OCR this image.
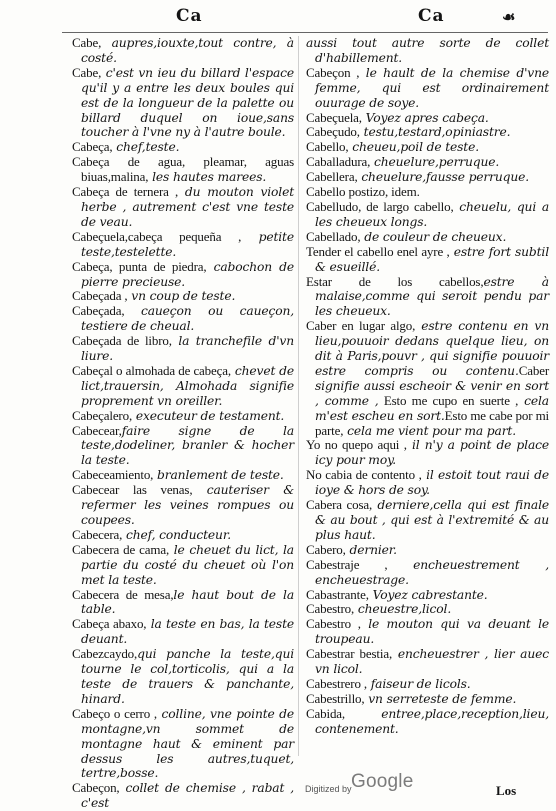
Ca	Ca	☙

Cabe, aupres,iouxte,tout contre, à costé.

Cabe, c'est vn ieu du billard l'espace qu'il y a entre les deux boules qui est de la longueur de la palette ou billard duquel on ioue,sans toucher à l'vne ny à l'autre boule.

Cabeça, chef,teste.

Cabeça de agua, pleamar, aguas biuas,malina, les hautes marees.

Cabeça de ternera , du mouton violet herbe , autrement c'est vne teste de veau.

Cabeçuela,cabeça pequeña , petite teste,testelette.

Cabeça, punta de piedra, cabochon de pierre precieuse.

Cabeçada , vn coup de teste.

Cabeçada, caueçon ou caueçon, testiere de cheual.

Cabeçada de libro, la tranchefile d'vn liure.

Cabeçal o almohada de cabeça, chevet de lict,trauersin, Almohada signifie proprement vn oreiller.

Cabeçalero, executeur de testament.

Cabecear,faire signe de la teste,dodeliner, branler & hocher la teste.

Cabeceamiento, branlement de teste.

Cabecear las venas, cauteriser & refermer les veines rompues ou coupees.

Cabecera, chef, conducteur.

Cabecera de cama, le cheuet du lict, la partie du costé du cheuet où l'on met la teste.

Cabecera de mesa,le haut bout de la table.

Cabeça abaxo, la teste en bas, la teste deuant.

Cabezcaydo,qui panche la teste,qui tourne le col,torticolis, qui a la teste de trauers & panchante, hinard.

Cabeço o cerro , colline, vne pointe de montagne,vn sommet de montagne haut & eminent par dessus les autres,tuquet, tertre,bosse.

Cabeçon, collet de chemise , rabat , c'est

aussi tout autre sorte de collet d'habillement.

Cabeçon , le hault de la chemise d'vne femme, qui est ordinairement ouurage de soye.

Cabeçuela, Voyez apres cabeça.

Cabeçudo, testu,testard,opiniastre.

Cabello, cheueu,poil de teste.

Caballadura, cheuelure,perruque.

Cabellera, cheuelure,fausse perruque.

Cabello postizo, idem.

Cabelludo, de largo cabello, cheuelu, qui a les cheueux longs.

Cabellado, de couleur de cheueux.

Tender el cabello enel ayre , estre fort subtil & esueillé.

Estar de los cabellos,estre à malaise,comme qui seroit pendu par les cheueux.

Caber en lugar algo, estre contenu en vn lieu,pouuoir dedans quelque lieu, on dit à Paris,pouvr , qui signifie pouuoir estre compris ou contenu.Caber signifie aussi escheoir & venir en sort , comme , Esto me cupo en suerte , cela m'est escheu en sort.Esto me cabe por mi parte, cela me vient pour ma part.

Yo no quepo aqui , il n'y a point de place icy pour moy.

No cabia de contento , il estoit tout raui de ioye & hors de soy.

Cabera cosa, derniere,cella qui est finale & au bout , qui est à l'extremité & au plus haut.

Cabero, dernier.

Cabestraje , encheuestrement , encheuestrage.

Cabastrante, Voyez cabrestante.

Cabestro, cheuestre,licol.

Cabestro , le mouton qui va deuant le troupeau.

Cabestrar bestia, encheuestrer , lier auec vn licol.

Cabestrero , faiseur de licols.

Cabestrillo, vn serreteste de femme.

Cabida, entree,place,reception,lieu, contenement.

Los
Digitized by Google
